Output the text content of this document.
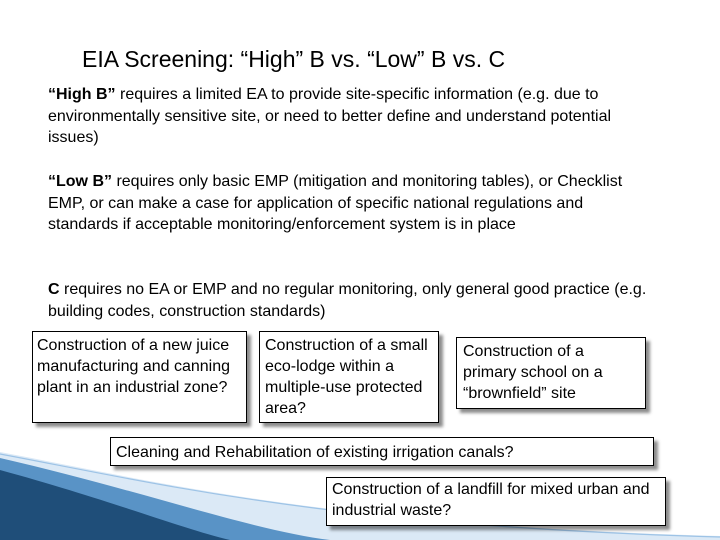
EIA Screening: “High” B vs. “Low” B vs. C
“High B” requires a limited EA to provide site-specific information (e.g. due to environmentally sensitive site, or need to better define and understand potential issues)
“Low B” requires only basic EMP (mitigation and monitoring tables), or Checklist EMP, or can make a case for application of specific national regulations and standards if acceptable monitoring/enforcement system is in place
C requires no EA or EMP and no regular monitoring, only general good practice (e.g. building codes, construction standards)
Construction of a new juice manufacturing and canning plant in an industrial zone?
Construction of a small eco-lodge within a multiple-use protected area?
Construction of a primary school on a “brownfield” site
Cleaning and Rehabilitation of existing irrigation canals?
Construction of a landfill for mixed urban and industrial waste?
